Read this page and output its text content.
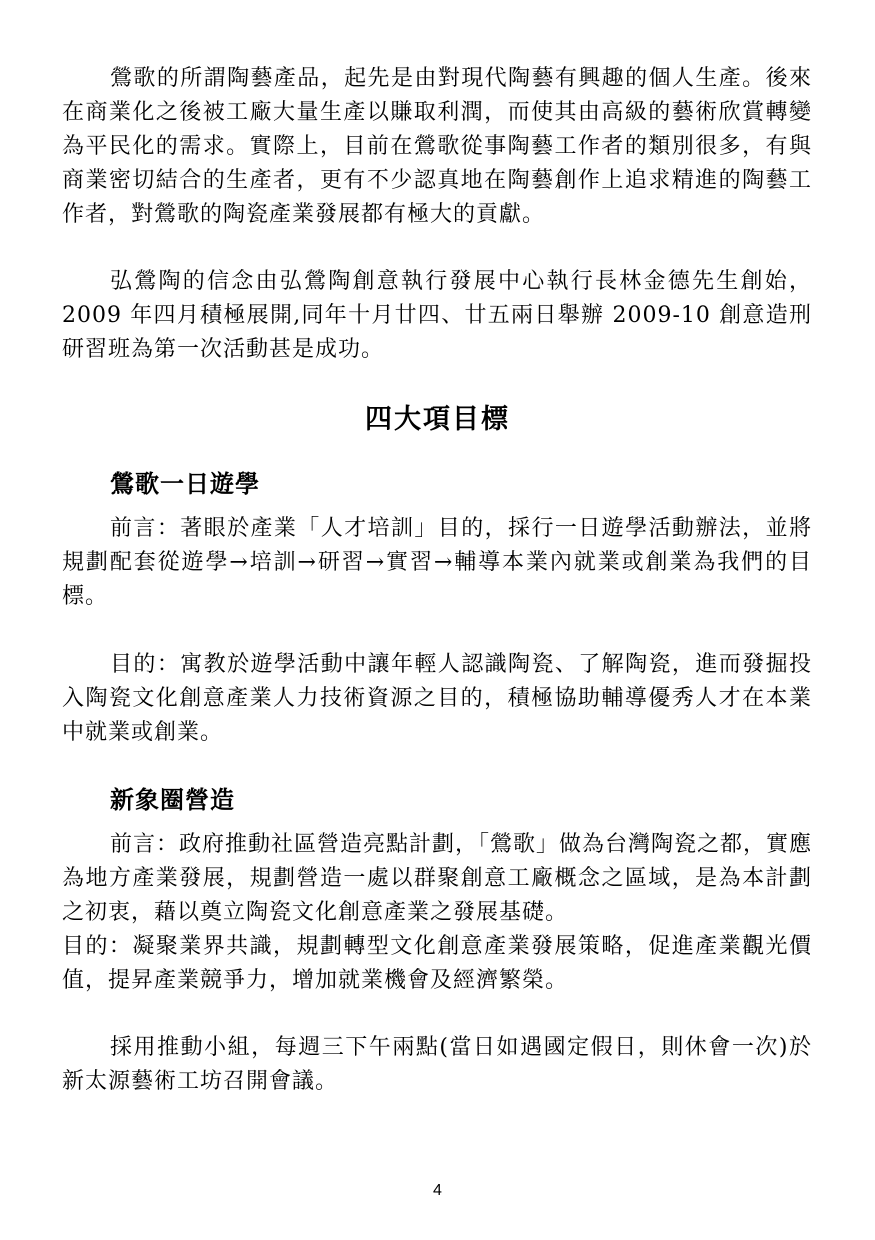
鶯歌的所謂陶藝產品，起先是由對現代陶藝有興趣的個人生產。後來在商業化之後被工廠大量生產以賺取利潤，而使其由高級的藝術欣賞轉變為平民化的需求。實際上，目前在鶯歌從事陶藝工作者的類別很多，有與商業密切結合的生產者，更有不少認真地在陶藝創作上追求精進的陶藝工作者，對鶯歌的陶瓷產業發展都有極大的貢獻。

弘鶯陶的信念由弘鶯陶創意執行發展中心執行長林金德先生創始，2009 年四月積極展開,同年十月廿四、廿五兩日舉辦 2009-10 創意造刑研習班為第一次活動甚是成功。

四大項目標
鶯歌一日遊學

前言：著眼於產業「人才培訓」目的，採行一日遊學活動辦法，並將規劃配套從遊學→培訓→研習→實習→輔導本業內就業或創業為我們的目標。

目的：寓教於遊學活動中讓年輕人認識陶瓷、了解陶瓷，進而發掘投入陶瓷文化創意產業人力技術資源之目的，積極協助輔導優秀人才在本業中就業或創業。

新象圈營造

前言：政府推動社區營造亮點計劃，「鶯歌」做為台灣陶瓷之都，實應為地方產業發展，規劃營造一處以群聚創意工廠概念之區域，是為本計劃之初衷，藉以奠立陶瓷文化創意產業之發展基礎。

目的：凝聚業界共識，規劃轉型文化創意產業發展策略，促進產業觀光價值，提昇產業競爭力，增加就業機會及經濟繁榮。

採用推動小組，每週三下午兩點(當日如遇國定假日，則休會一次)於新太源藝術工坊召開會議。

4
